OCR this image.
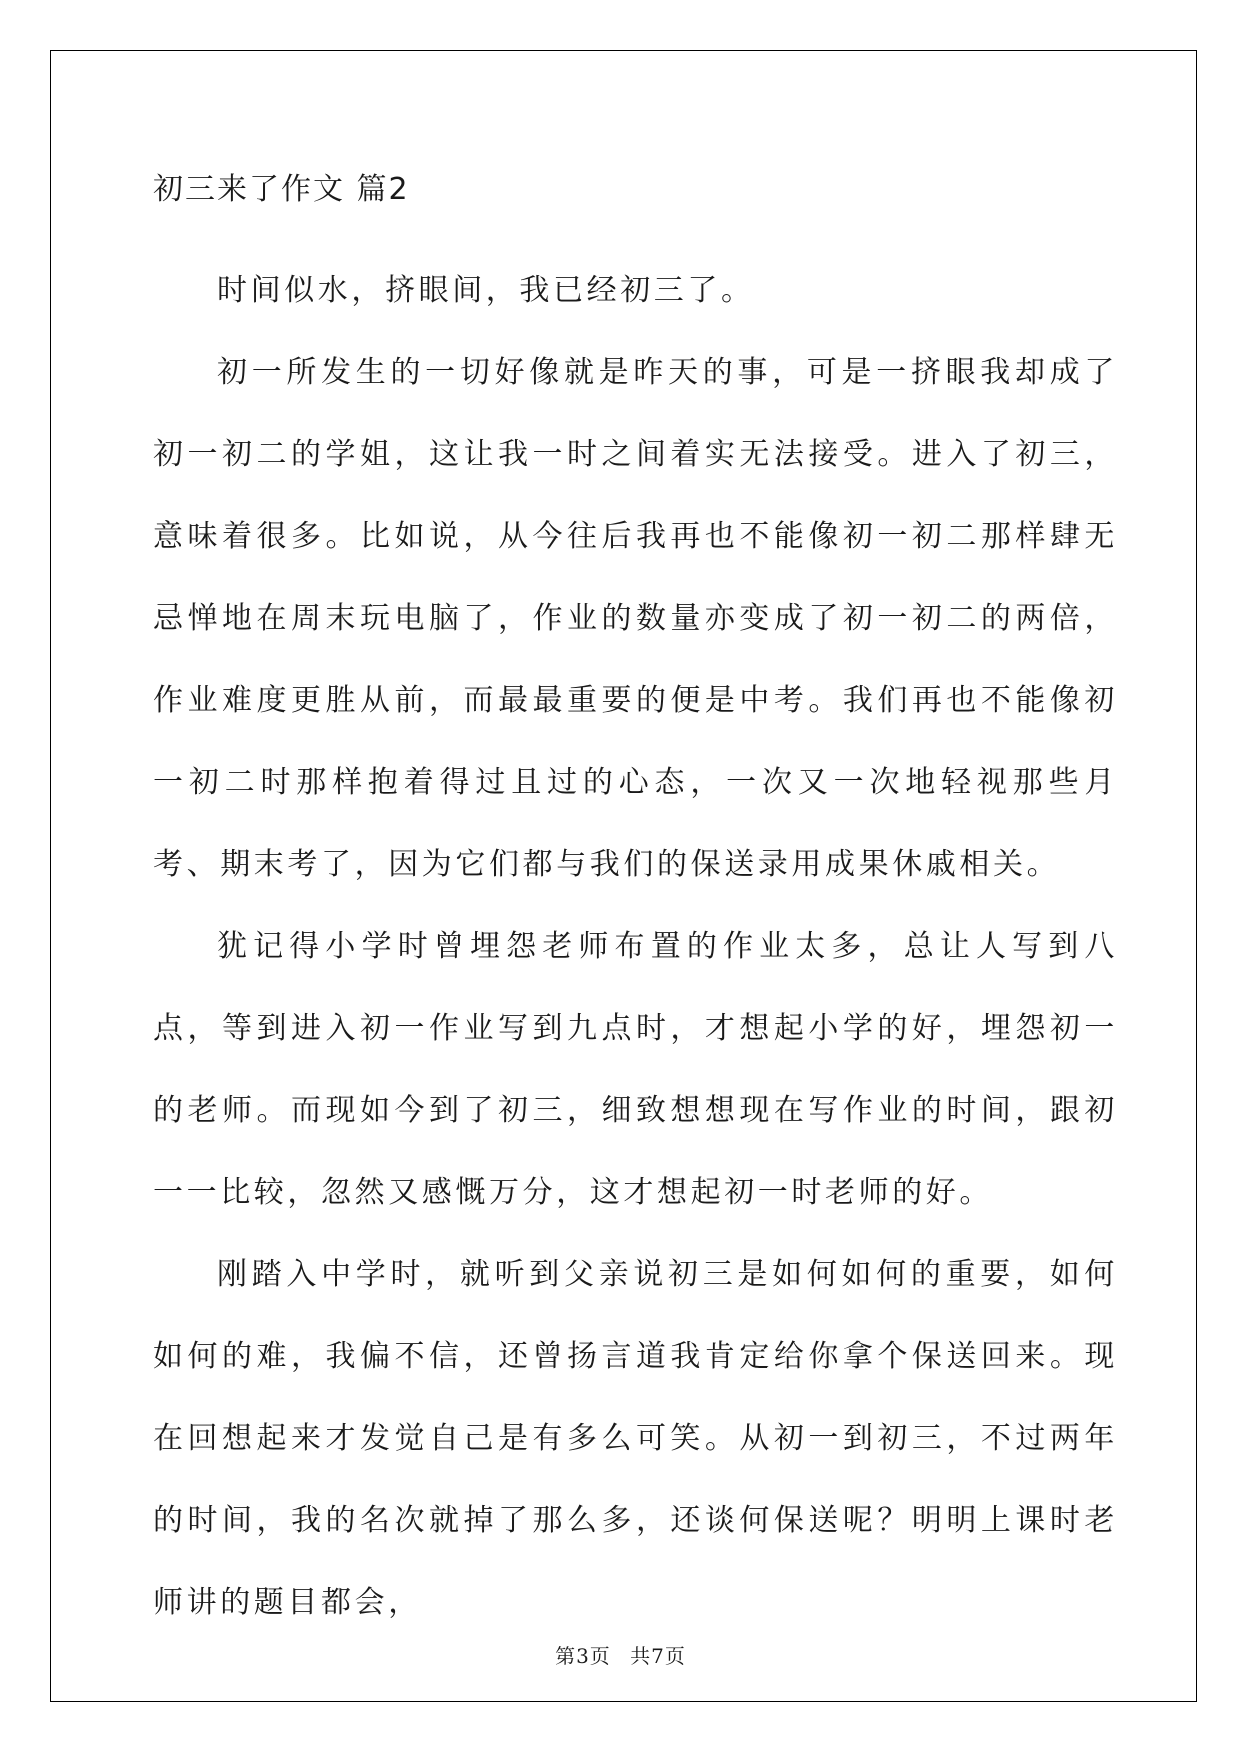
初三来了作文 篇2

时间似水，挤眼间，我已经初三了。

初一所发生的一切好像就是昨天的事，可是一挤眼我却成了初一初二的学姐，这让我一时之间着实无法接受。进入了初三，意味着很多。比如说，从今往后我再也不能像初一初二那样肆无忌惮地在周末玩电脑了，作业的数量亦变成了初一初二的两倍，作业难度更胜从前，而最最重要的便是中考。我们再也不能像初一初二时那样抱着得过且过的心态，一次又一次地轻视那些月考、期末考了，因为它们都与我们的保送录用成果休戚相关。

犹记得小学时曾埋怨老师布置的作业太多，总让人写到八点，等到进入初一作业写到九点时，才想起小学的好，埋怨初一的老师。而现如今到了初三，细致想想现在写作业的时间，跟初一一比较，忽然又感慨万分，这才想起初一时老师的好。

刚踏入中学时，就听到父亲说初三是如何如何的重要，如何如何的难，我偏不信，还曾扬言道我肯定给你拿个保送回来。现在回想起来才发觉自己是有多么可笑。从初一到初三，不过两年的时间，我的名次就掉了那么多，还谈何保送呢？明明上课时老师讲的题目都会，

第3页 共7页
